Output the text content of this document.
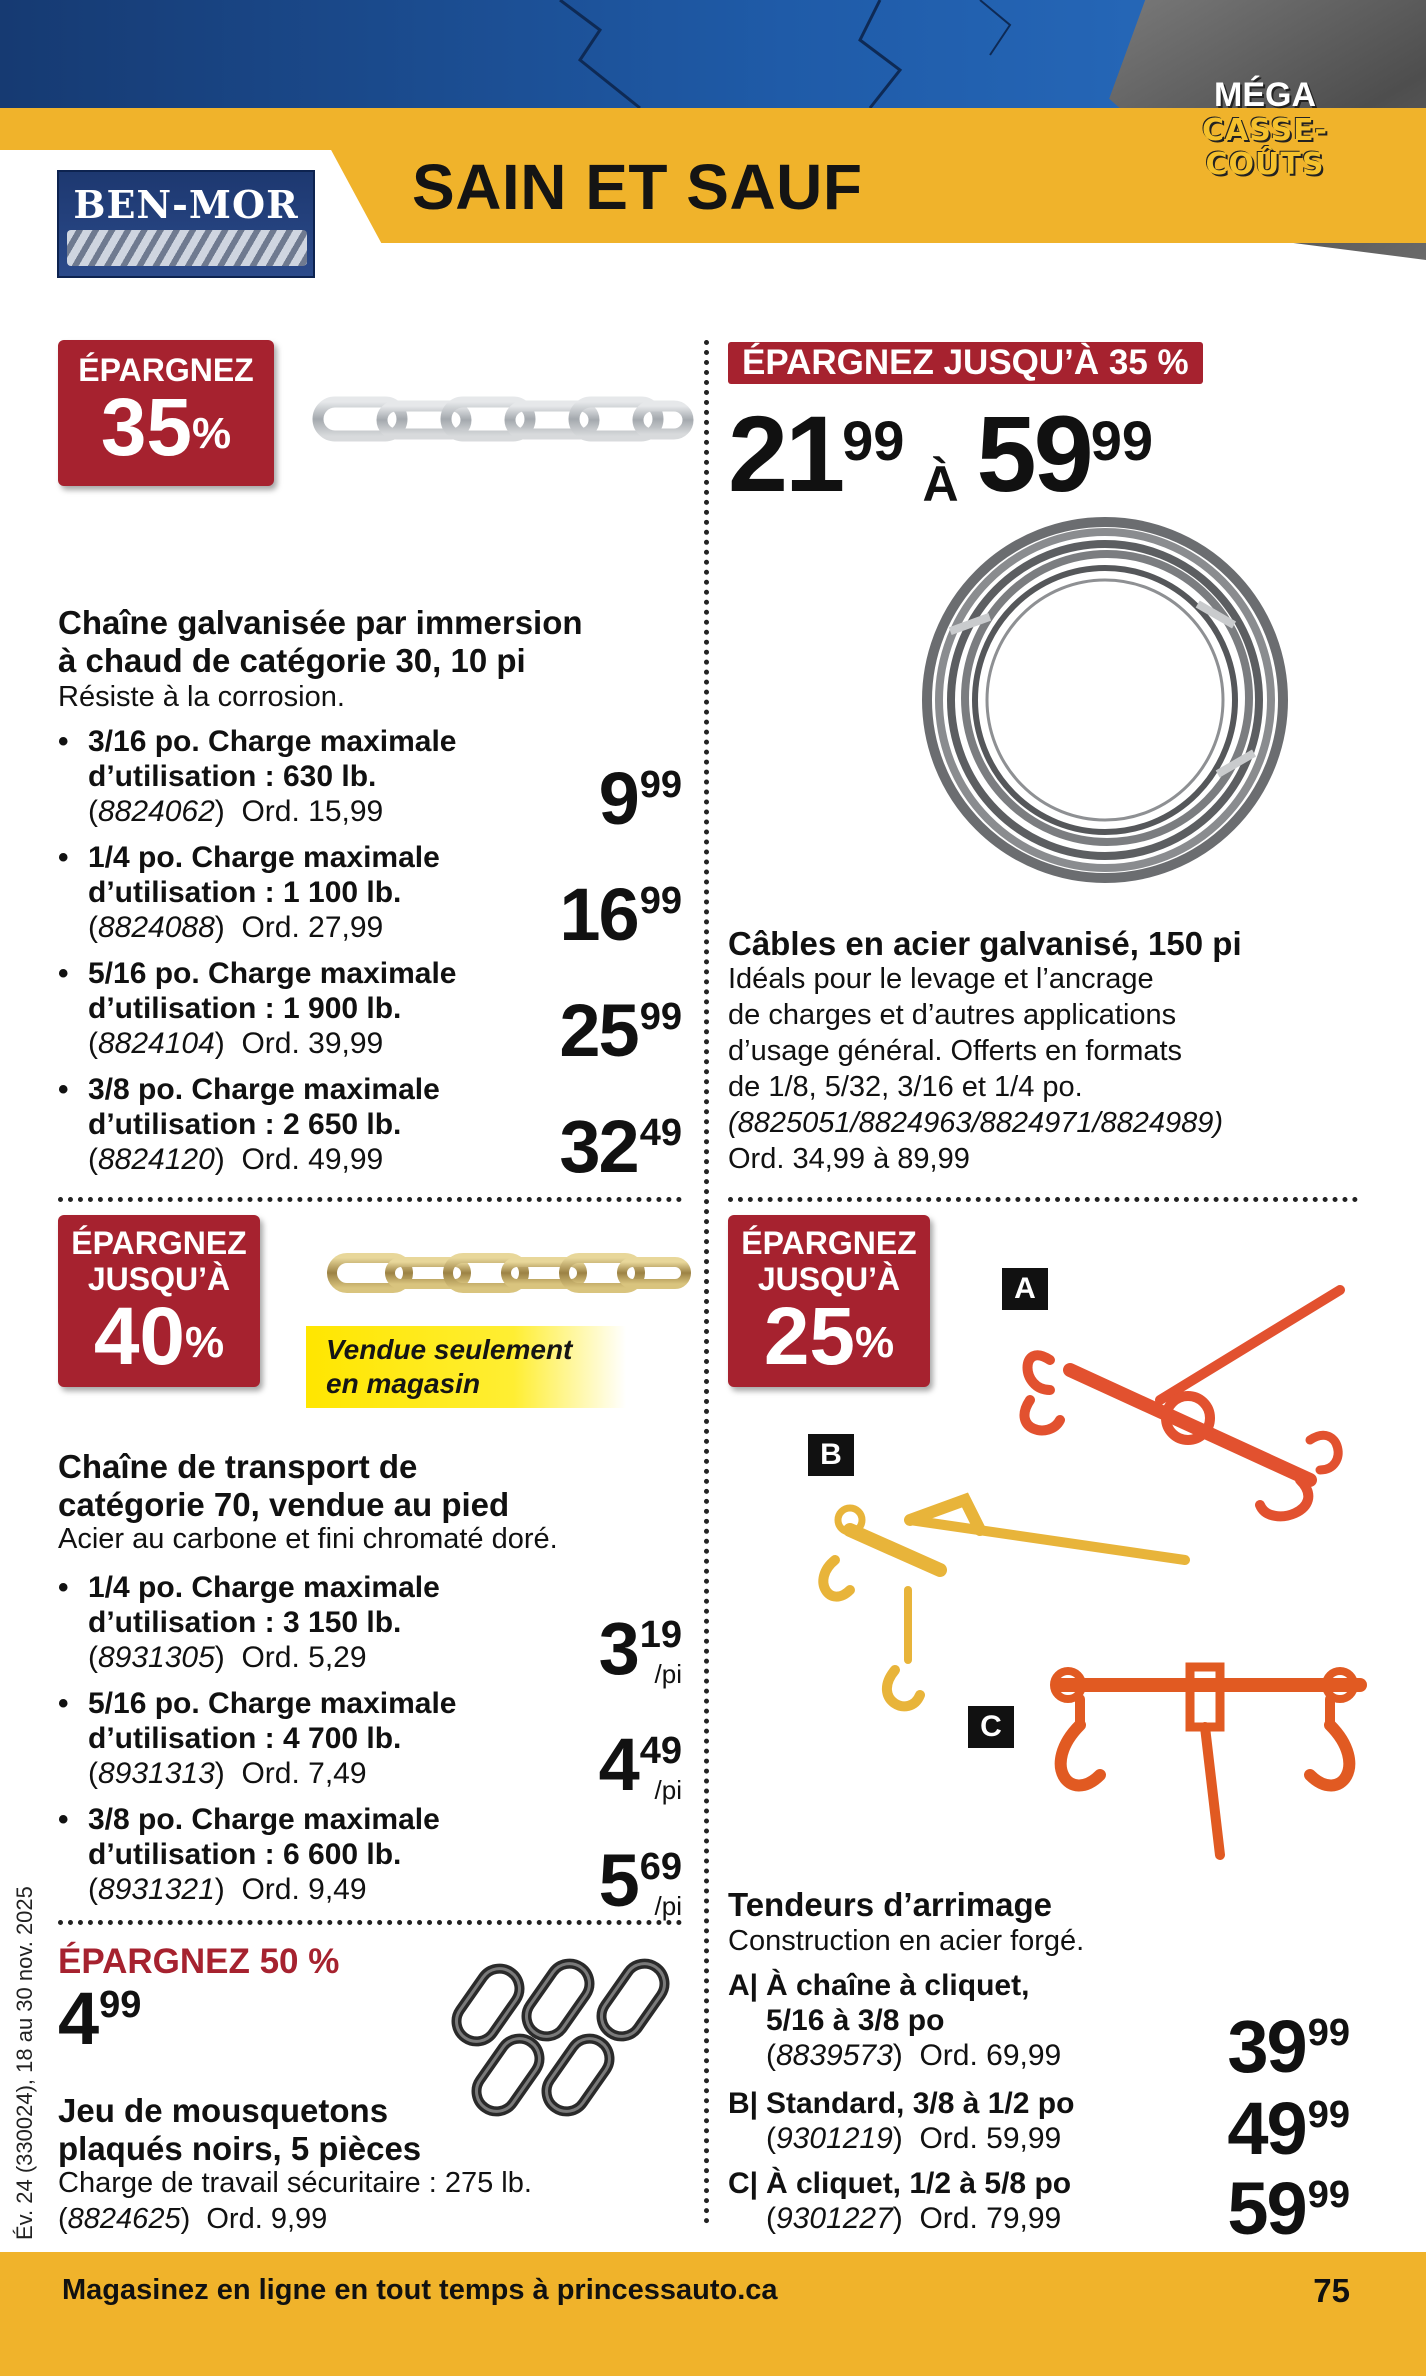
BEN-MOR SAIN ET SAUF
MÉGA
CASSE-COÛTS
ÉPARGNEZ
35%
Chaîne galvanisée par immersion
à chaud de catégorie 30, 10 pi
Résiste à la corrosion.
• 3/16 po. Charge maximale
d’utilisation : 630 lb.
(8824062)  Ord. 15,99	999
• 1/4 po. Charge maximale
d’utilisation : 1 100 lb.
(8824088)  Ord. 27,99 1699
• 5/16 po. Charge maximale
d’utilisation : 1 900 lb.
(8824104)  Ord. 39,99 2599
• 3/8 po. Charge maximale
d’utilisation : 2 650 lb.
(8824120)  Ord. 49,99 3249
ÉPARGNEZ JUSQU’À 35 %
2199À 5999
Câbles en acier galvanisé, 150 pi
Idéals pour le levage et l’ancrage
de charges et d’autres applications
d’usage général. Offerts en formats
de 1/8, 5/32, 3/16 et 1/4 po.
(8825051/8824963/8824971/8824989)
Ord. 34,99 à 89,99
ÉPARGNEZ
JUSQU’À
40%	Vendue seulement
en magasin
Chaîne de transport de
catégorie 70, vendue au pied
Acier au carbone et fini chromaté doré.
• 1/4 po. Charge maximale
d’utilisation : 3 150 lb.
(8931305)  Ord. 5,29	319
/pi
• 5/16 po. Charge maximale
d’utilisation : 4 700 lb.
(8931313)  Ord. 7,49	449
/pi
• 3/8 po. Charge maximale
d’utilisation : 6 600 lb.
(8931321)  Ord. 9,49	569
/pi
ÉPARGNEZ
JUSQU’À
25%
A
B
C
Tendeurs d’arrimage
Construction en acier forgé.
A| À chaîne à cliquet,
5/16 à 3/8 po
(8839573)  Ord. 69,99 3999
B| Standard, 3/8 à 1/2 po
(9301219)  Ord. 59,99 4999
C| À cliquet, 1/2 à 5/8 po
(9301227)  Ord. 79,99 5999
ÉPARGNEZ 50 %
499
Jeu de mousquetons
plaqués noirs, 5 pièces
Charge de travail sécuritaire : 275 lb.
(8824625)  Ord. 9,99
Év. 24 (330024), 18 au 30 nov. 2025
Magasinez en ligne en tout temps à princessauto.ca	75
